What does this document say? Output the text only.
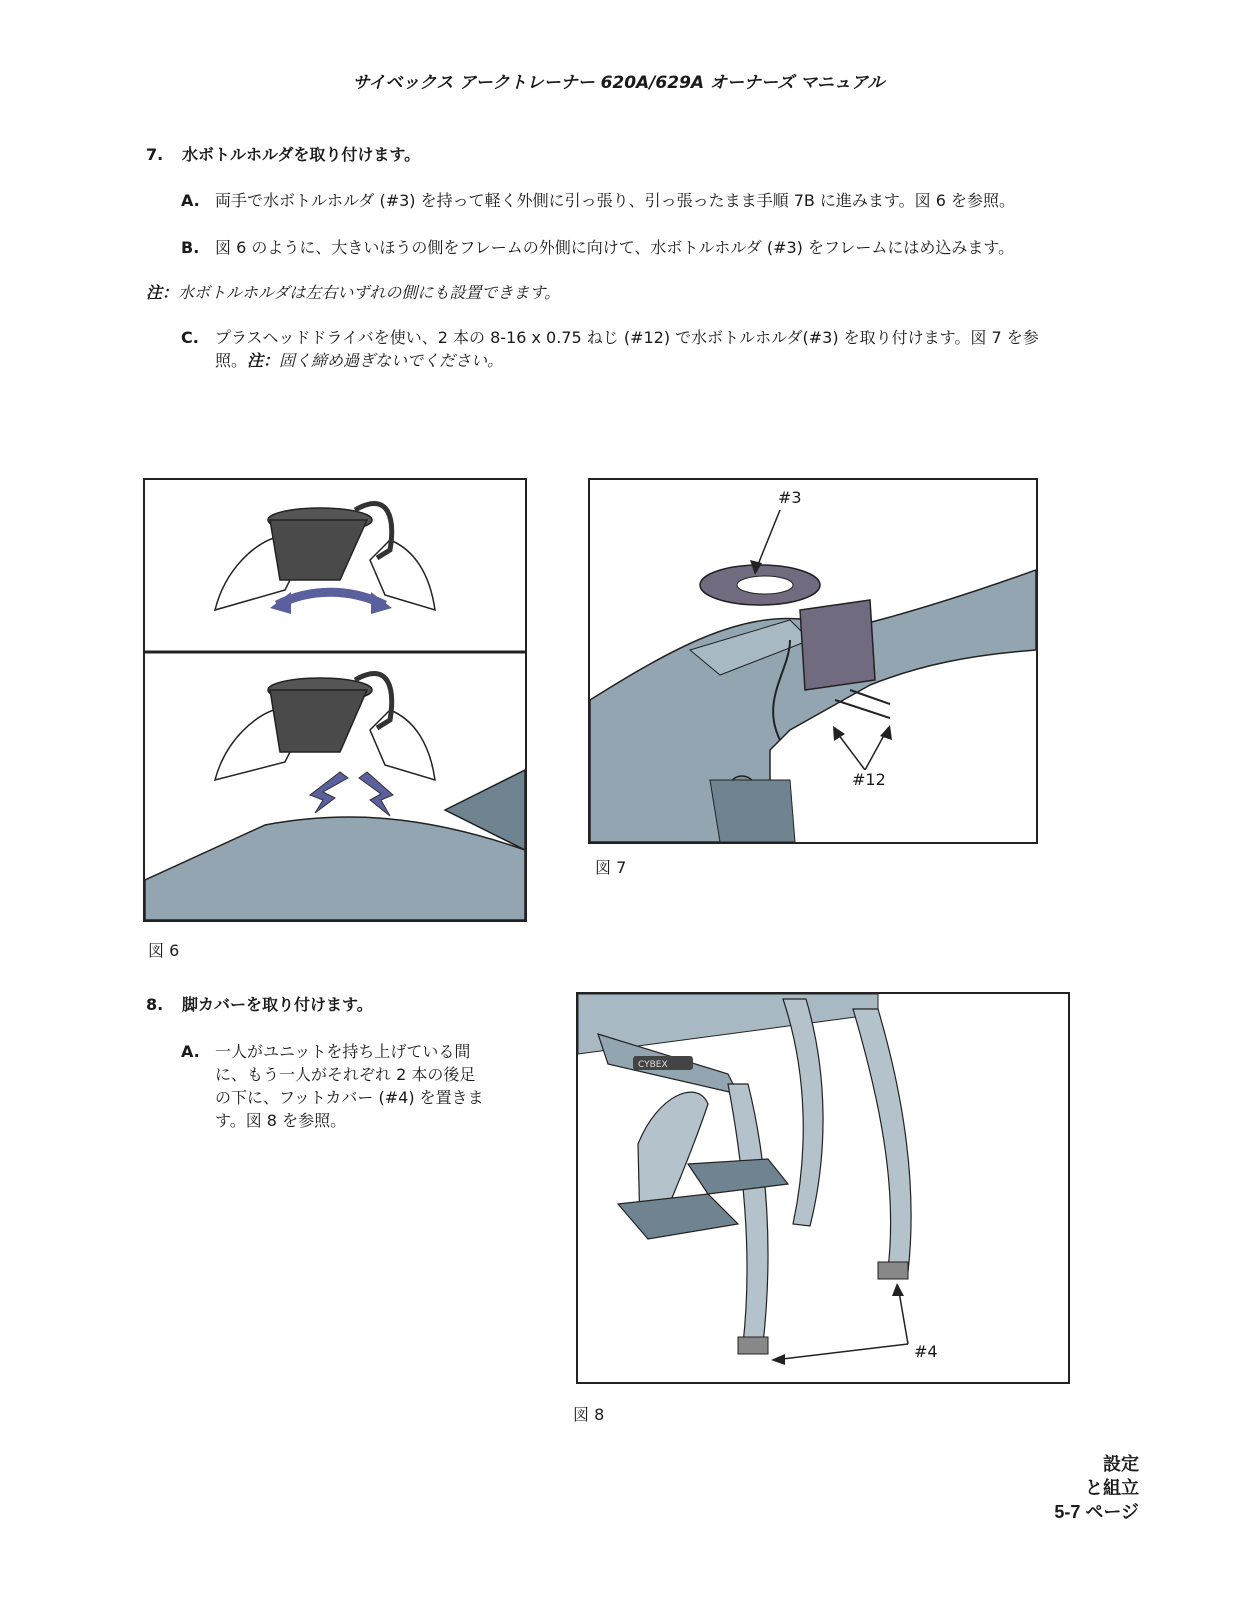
サイベックス アークトレーナー 620A/629A オーナーズ マニュアル
7. 水ボトルホルダを取り付けます。
A. 両手で水ボトルホルダ (#3) を持って軽く外側に引っ張り、引っ張ったまま手順 7B に進みます。図 6 を参照。
B. 図 6 のように、大きいほうの側をフレームの外側に向けて、水ボトルホルダ (#3) をフレームにはめ込みます。
注：水ボトルホルダは左右いずれの側にも設置できます。
C. プラスヘッドドライバを使い、2 本の 8-16 x 0.75 ねじ (#12) で水ボトルホルダ(#3) を取り付けます。図 7 を参
照。注：固く締め過ぎないでください。
図 6
#3
#12
図 7
8. 脚カバーを取り付けます。
A. 一人がユニットを持ち上げている間
に、もう一人がそれぞれ 2 本の後足
の下に、フットカバー (#4) を置きま
す。図 8 を参照。
CYBEX
#4
図 8
設定
と組立
5-7 ページ
